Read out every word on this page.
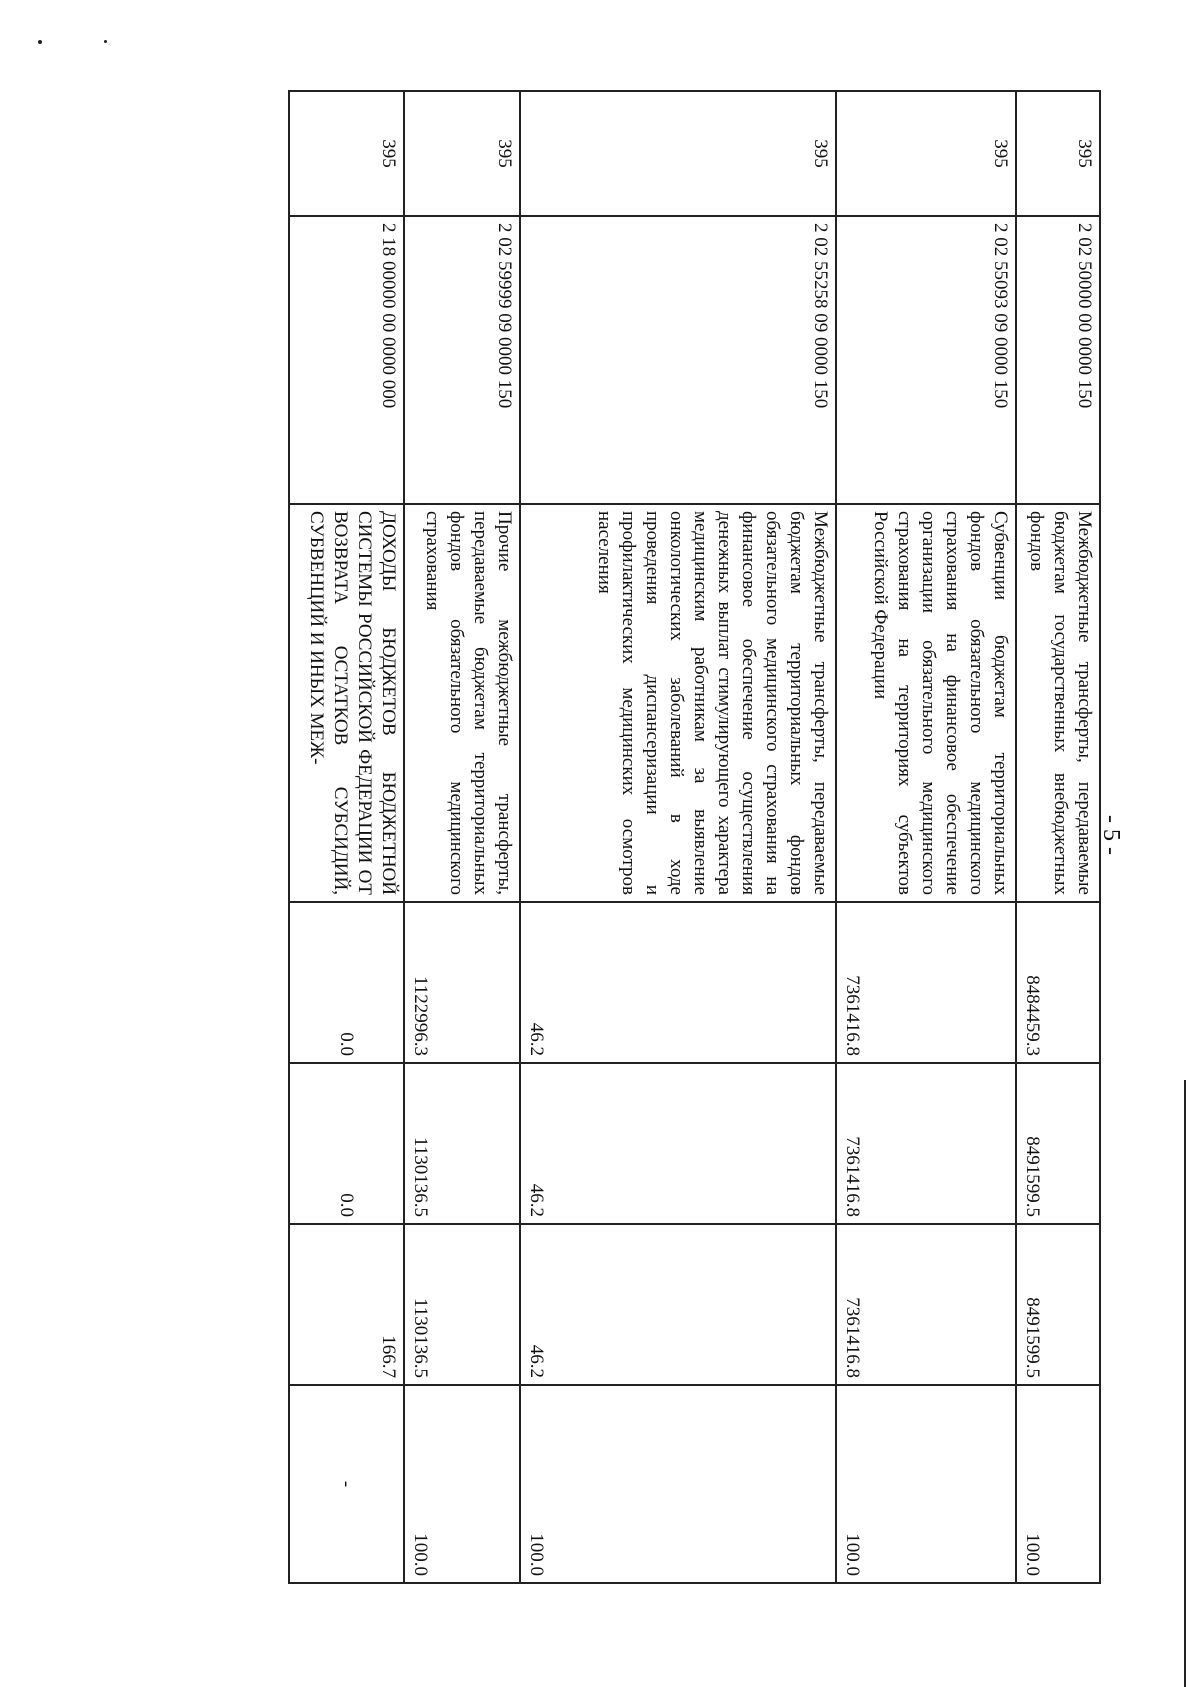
- 5 -
395	2 02 50000 00 0000 150	Межбюджетные трансферты, передаваемые бюджетам государственных внебюджетных фондов	8484459.3	8491599.5	8491599.5	100.0
395	2 02 55093 09 0000 150	Субвенции бюджетам территориальных фондов обязательного медицинского страхования на финансовое обеспечение организации обязательного медицинского страхования на территориях субъектов Российской Федерации	7361416.8	7361416.8	7361416.8	100.0
395	2 02 55258 09 0000 150	Межбюджетные трансферты, передаваемые бюджетам территориальных фондов обязательного медицинского страхования на финансовое обеспечение осуществления денежных выплат стимулирующего характера медицинским работникам за выявление онкологических заболеваний в ходе проведения диспансеризации и профилактических медицинских осмотров населения	46.2	46.2	46.2	100.0
395	2 02 59999 09 0000 150	Прочие межбюджетные трансферты, передаваемые бюджетам территориальных фондов обязательного медицинского страхования	1122996.3	1130136.5	1130136.5	100.0
395	2 18 00000 00 0000 000	ДОХОДЫ БЮДЖЕТОВ БЮДЖЕТНОЙ СИСТЕМЫ РОССИЙСКОЙ ФЕДЕРАЦИИ ОТ ВОЗВРАТА ОСТАТКОВ СУБСИДИЙ, СУБВЕНЦИЙ И ИНЫХ МЕЖ-	0.0	0.0	166.7	-
